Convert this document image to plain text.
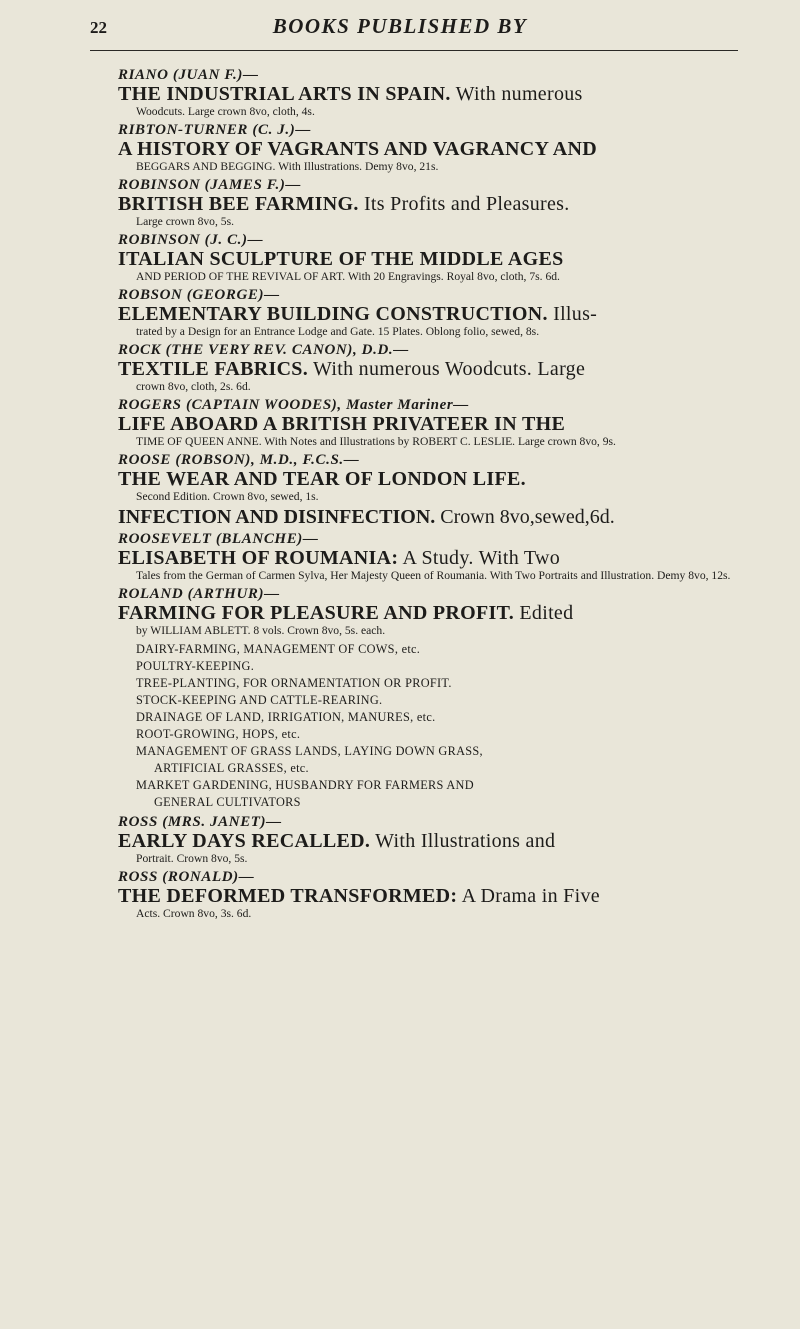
22	BOOKS PUBLISHED BY
RIANO (JUAN F.)—
THE INDUSTRIAL ARTS IN SPAIN. With numerous
Woodcuts. Large crown 8vo, cloth, 4s.
RIBTON-TURNER (C. J.)—
A HISTORY OF VAGRANTS AND VAGRANCY AND
BEGGARS AND BEGGING. With Illustrations. Demy 8vo, 21s.
ROBINSON (JAMES F.)—
BRITISH BEE FARMING. Its Profits and Pleasures.
Large crown 8vo, 5s.
ROBINSON (J. C.)—
ITALIAN SCULPTURE OF THE MIDDLE AGES
AND PERIOD OF THE REVIVAL OF ART. With 20 Engravings. Royal 8vo, cloth, 7s. 6d.
ROBSON (GEORGE)—
ELEMENTARY BUILDING CONSTRUCTION. Illus-
trated by a Design for an Entrance Lodge and Gate. 15 Plates. Oblong folio, sewed, 8s.
ROCK (THE VERY REV. CANON), D.D.—
TEXTILE FABRICS. With numerous Woodcuts. Large
crown 8vo, cloth, 2s. 6d.
ROGERS (CAPTAIN WOODES), Master Mariner—
LIFE ABOARD A BRITISH PRIVATEER IN THE
TIME OF QUEEN ANNE. With Notes and Illustrations by ROBERT C. LESLIE. Large crown 8vo, 9s.
ROOSE (ROBSON), M.D., F.C.S.—
THE WEAR AND TEAR OF LONDON LIFE.
Second Edition. Crown 8vo, sewed, 1s.
INFECTION AND DISINFECTION. Crown 8vo,sewed,6d.
ROOSEVELT (BLANCHE)—
ELISABETH OF ROUMANIA: A Study. With Two
Tales from the German of Carmen Sylva, Her Majesty Queen of Roumania. With Two Portraits and Illustration. Demy 8vo, 12s.
ROLAND (ARTHUR)—
FARMING FOR PLEASURE AND PROFIT. Edited
by WILLIAM ABLETT. 8 vols. Crown 8vo, 5s. each.
DAIRY-FARMING, MANAGEMENT OF COWS, etc.
POULTRY-KEEPING.
TREE-PLANTING, FOR ORNAMENTATION OR PROFIT.
STOCK-KEEPING AND CATTLE-REARING.
DRAINAGE OF LAND, IRRIGATION, MANURES, etc.
ROOT-GROWING, HOPS, etc.
MANAGEMENT OF GRASS LANDS, LAYING DOWN GRASS,
ARTIFICIAL GRASSES, etc.
MARKET GARDENING, HUSBANDRY FOR FARMERS AND
GENERAL CULTIVATORS
ROSS (MRS. JANET)—
EARLY DAYS RECALLED. With Illustrations and
Portrait. Crown 8vo, 5s.
ROSS (RONALD)—
THE DEFORMED TRANSFORMED: A Drama in Five
Acts. Crown 8vo, 3s. 6d.
